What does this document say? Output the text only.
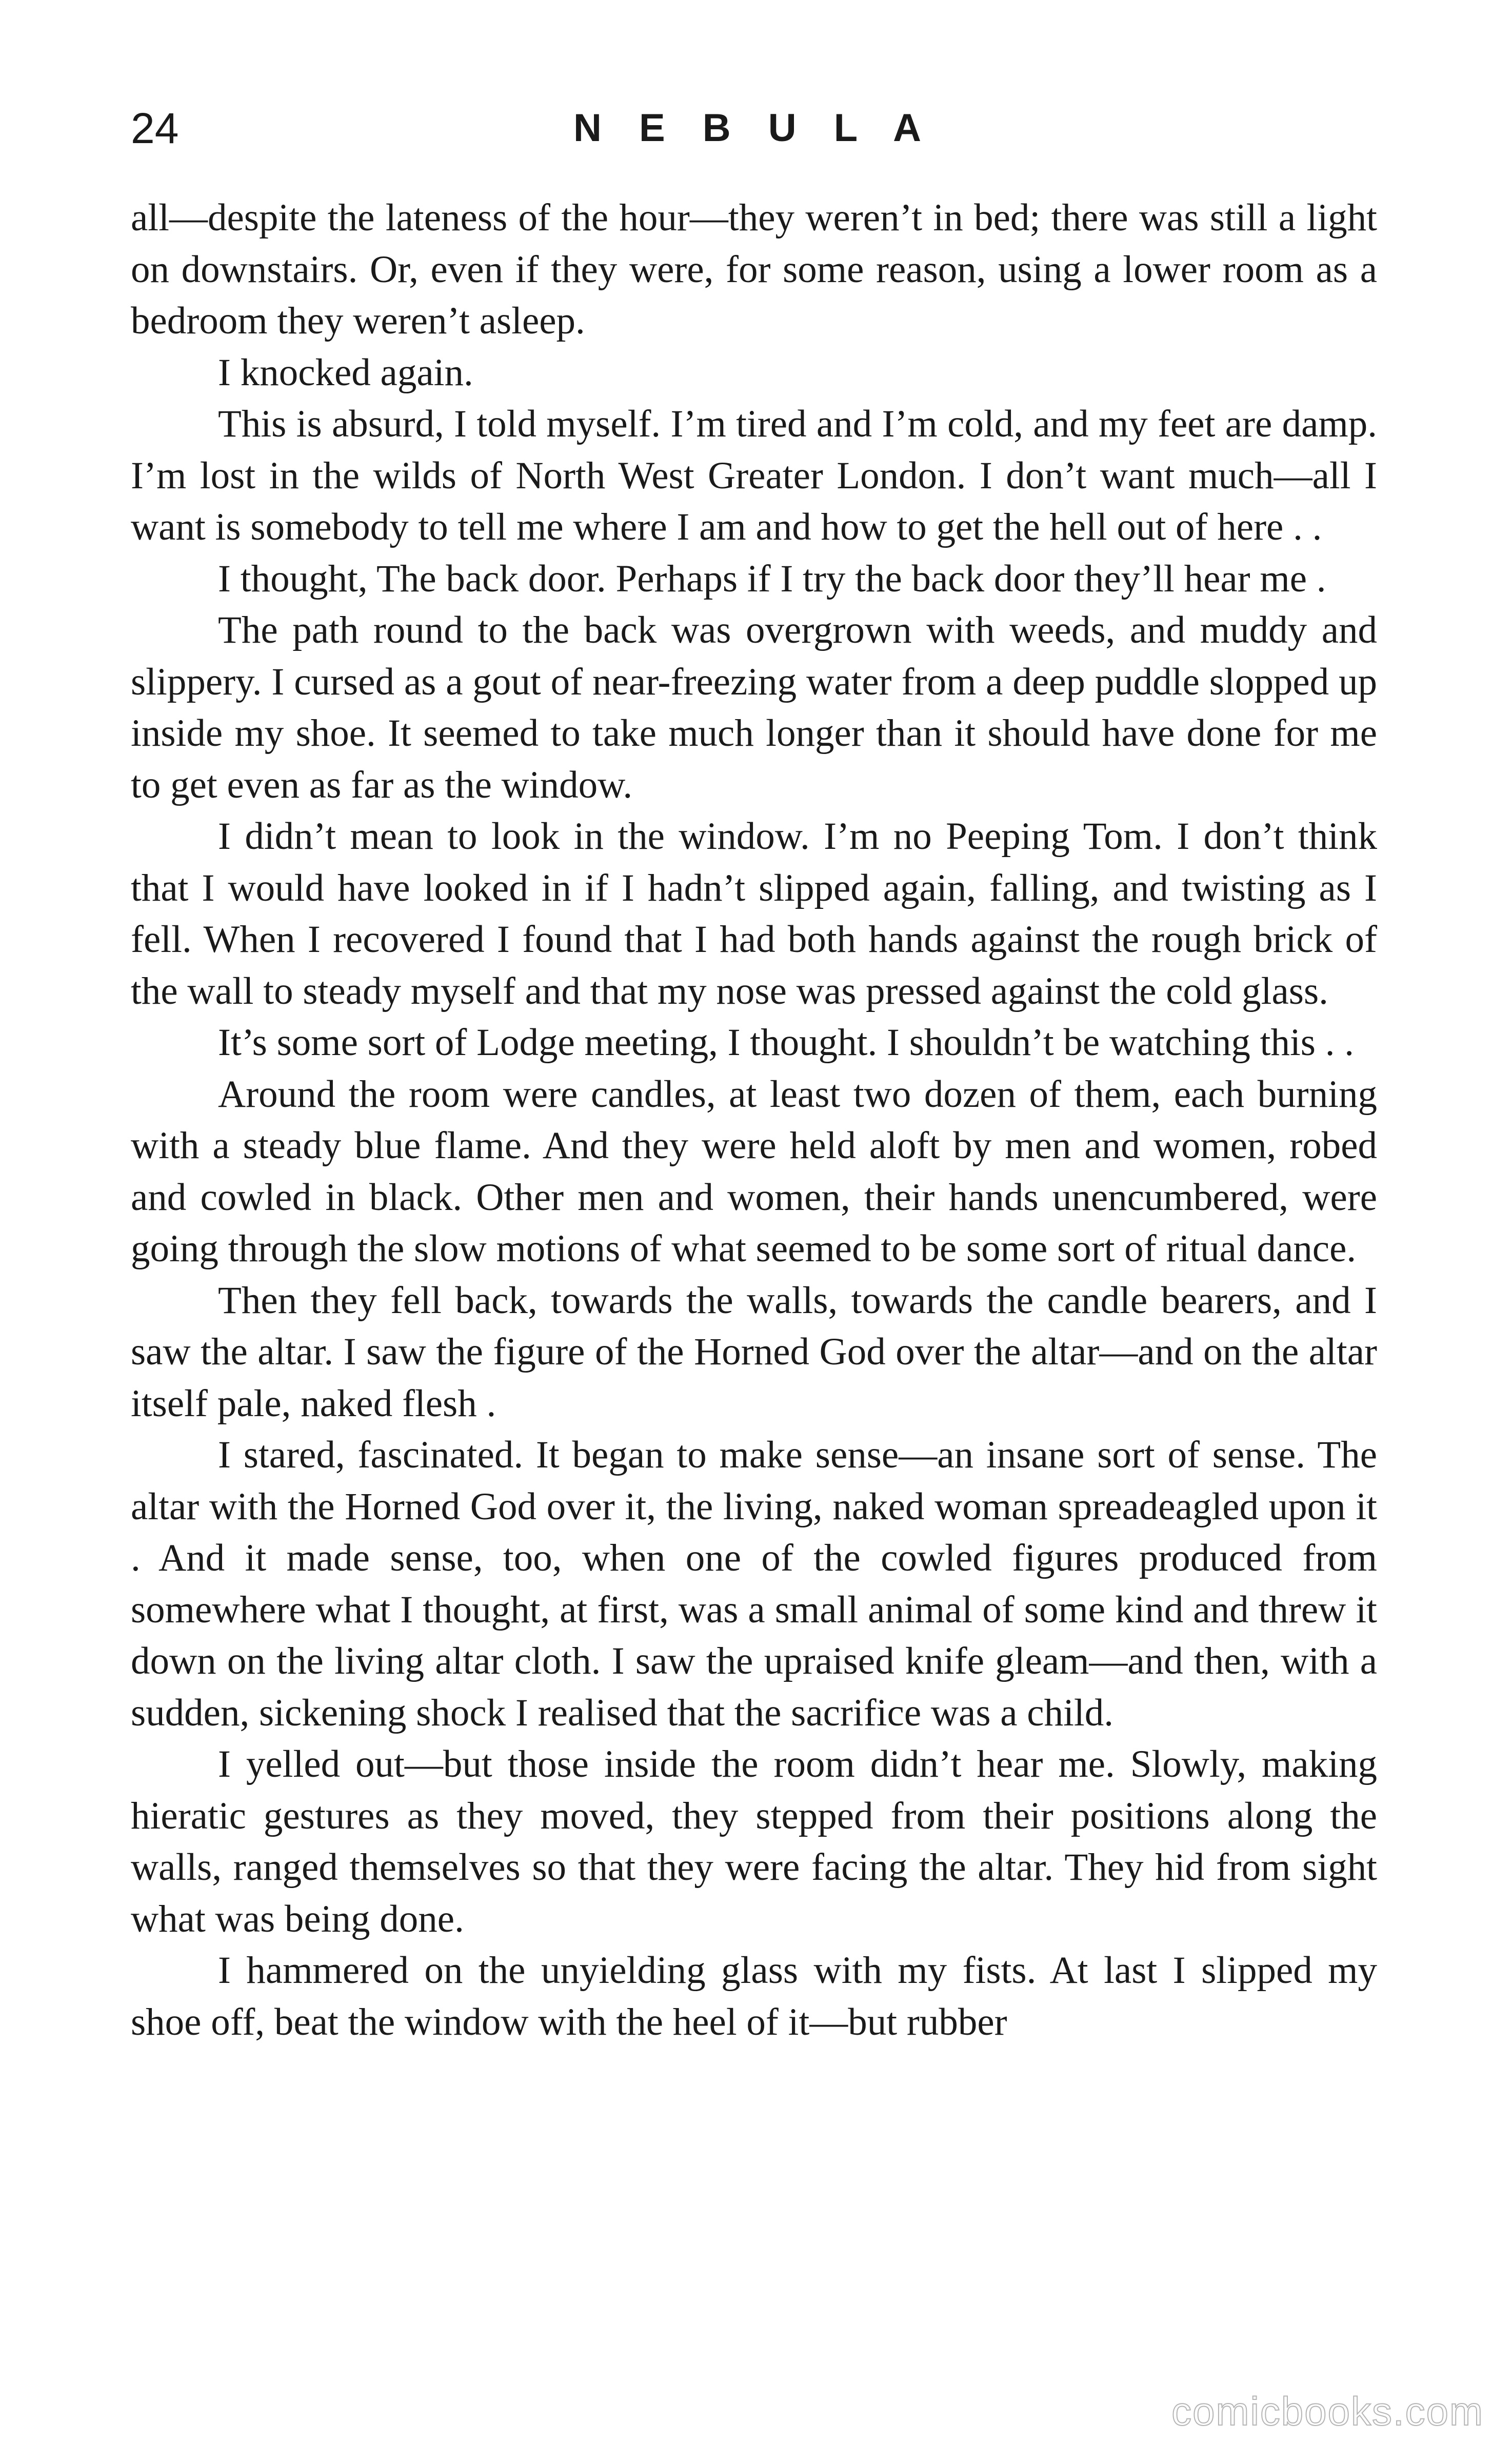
24	N E B U L A

all—despite the lateness of the hour—they weren’t in bed; there was still a light on downstairs. Or, even if they were, for some reason, using a lower room as a bedroom they weren’t asleep.

I knocked again.

This is absurd, I told myself. I’m tired and I’m cold, and my feet are damp. I’m lost in the wilds of North West Greater London. I don’t want much—all I want is somebody to tell me where I am and how to get the hell out of here . .

I thought, The back door. Perhaps if I try the back door they’ll hear me .

The path round to the back was overgrown with weeds, and muddy and slippery. I cursed as a gout of near-freezing water from a deep puddle slopped up inside my shoe. It seemed to take much longer than it should have done for me to get even as far as the window.

I didn’t mean to look in the window. I’m no Peeping Tom. I don’t think that I would have looked in if I hadn’t slipped again, falling, and twisting as I fell. When I recovered I found that I had both hands against the rough brick of the wall to steady myself and that my nose was pressed against the cold glass.

It’s some sort of Lodge meeting, I thought. I shouldn’t be watching this . .

Around the room were candles, at least two dozen of them, each burning with a steady blue flame. And they were held aloft by men and women, robed and cowled in black. Other men and women, their hands unencumbered, were going through the slow motions of what seemed to be some sort of ritual dance.

Then they fell back, towards the walls, towards the candle bearers, and I saw the altar. I saw the figure of the Horned God over the altar—and on the altar itself pale, naked flesh .

I stared, fascinated. It began to make sense—an insane sort of sense. The altar with the Horned God over it, the living, naked woman spreadeagled upon it . And it made sense, too, when one of the cowled figures produced from somewhere what I thought, at first, was a small animal of some kind and threw it down on the living altar cloth. I saw the upraised knife gleam—and then, with a sudden, sickening shock I realised that the sacrifice was a child.

I yelled out—but those inside the room didn’t hear me. Slowly, making hieratic gestures as they moved, they stepped from their positions along the walls, ranged themselves so that they were facing the altar. They hid from sight what was being done.

I hammered on the unyielding glass with my fists. At last I slipped my shoe off, beat the window with the heel of it—but rubber

comicbooks.com
